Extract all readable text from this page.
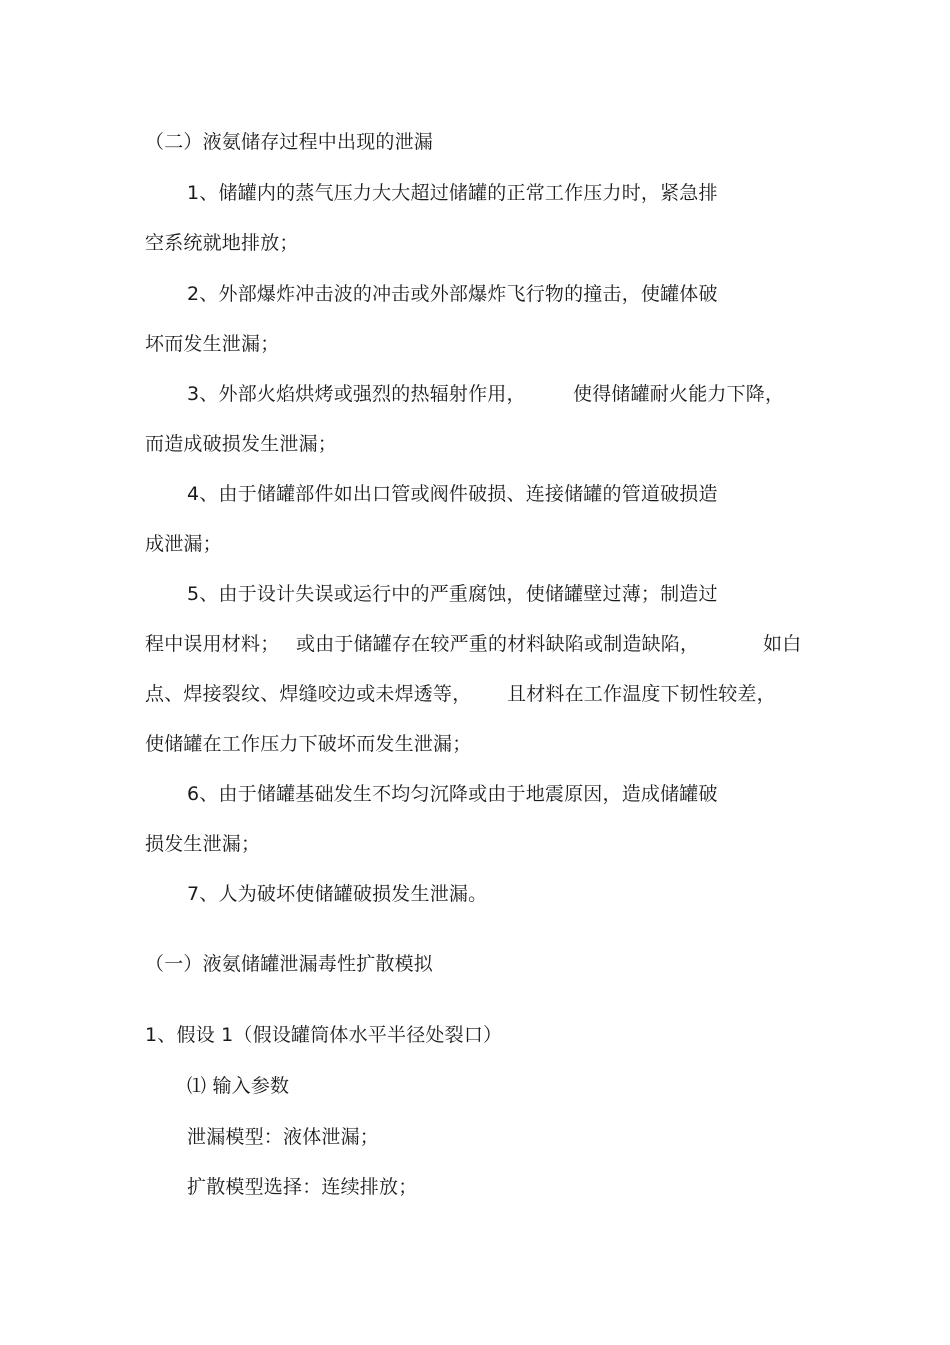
（二）液氨储存过程中出现的泄漏
1、储罐内的蒸气压力大大超过储罐的正常工作压力时，紧急排
空系统就地排放；
2、外部爆炸冲击波的冲击或外部爆炸飞行物的撞击，使罐体破
坏而发生泄漏；
3、外部火焰烘烤或强烈的热辐射作用， 使得储罐耐火能力下降，
而造成破损发生泄漏；
4、由于储罐部件如出口管或阀件破损、连接储罐的管道破损造
成泄漏；
5、由于设计失误或运行中的严重腐蚀，使储罐壁过薄；制造过
程中误用材料； 或由于储罐存在较严重的材料缺陷或制造缺陷，	如白
点、焊接裂纹、焊缝咬边或未焊透等， 且材料在工作温度下韧性较差，
使储罐在工作压力下破坏而发生泄漏；
6、由于储罐基础发生不均匀沉降或由于地震原因，造成储罐破
损发生泄漏；
7、人为破坏使储罐破损发生泄漏。
（一）液氨储罐泄漏毒性扩散模拟
1、假设 1（假设罐筒体水平半径处裂口）
⑴ 输入参数
泄漏模型：液体泄漏；
扩散模型选择：连续排放；
